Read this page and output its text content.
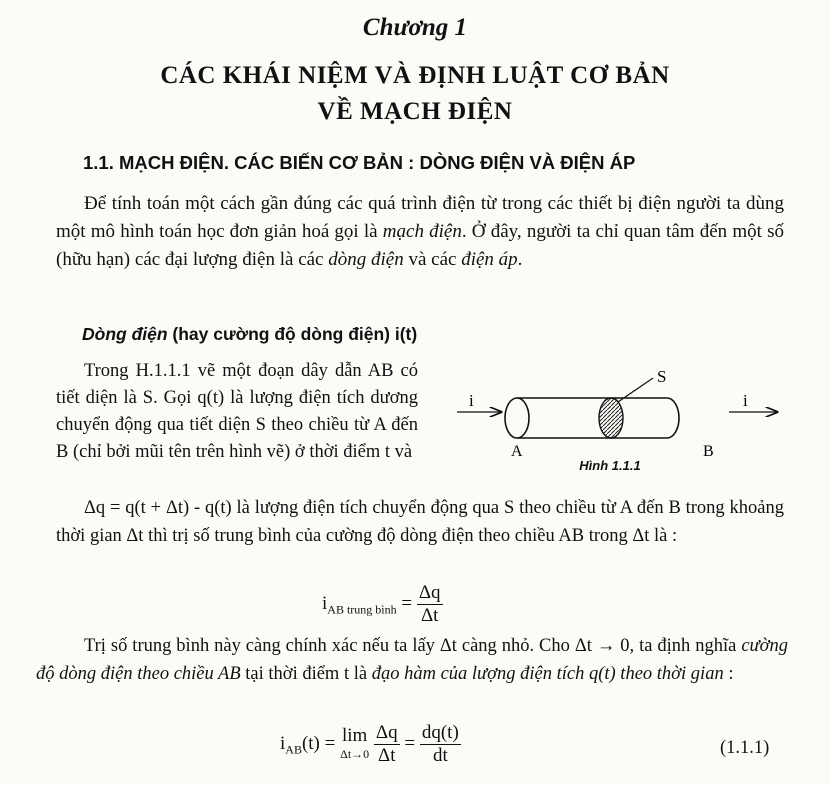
Chương 1
CÁC KHÁI NIỆM VÀ ĐỊNH LUẬT CƠ BẢN
VỀ MẠCH ĐIỆN
1.1. MẠCH ĐIỆN. CÁC BIẾN CƠ BẢN : DÒNG ĐIỆN VÀ ĐIỆN ÁP
Để tính toán một cách gần đúng các quá trình điện từ trong các thiết bị điện người ta dùng một mô hình toán học đơn giản hoá gọi là mạch điện. Ở đây, người ta chỉ quan tâm đến một số (hữu hạn) các đại lượng điện là các dòng điện và các điện áp.
Dòng điện (hay cường độ dòng điện) i(t)
Trong H.1.1.1 vẽ một đoạn dây dẫn AB có tiết diện là S. Gọi q(t) là lượng điện tích dương chuyển động qua tiết diện S theo chiều từ A đến B (chỉ bởi mũi tên trên hình vẽ) ở thời điểm t và
S
i	i
A	B
Hình 1.1.1
Δq = q(t + Δt) - q(t) là lượng điện tích chuyển động qua S theo chiều từ A đến B trong khoảng thời gian Δt thì trị số trung bình của cường độ dòng điện theo chiều AB trong Δt là :
$i_{AB trung bình} = \frac{\Delta q}{\Delta t}$
Trị số trung bình này càng chính xác nếu ta lấy Δt càng nhỏ. Cho Δt → 0, ta định nghĩa cường độ dòng điện theo chiều AB tại thời điểm t là đạo hàm của lượng điện tích q(t) theo thời gian :
$i_{AB}(t) = \lim$
Δt→0
$\frac{\Delta q}{\Delta t} = \frac{dq(t)}{dt}$	(1.1.1)
